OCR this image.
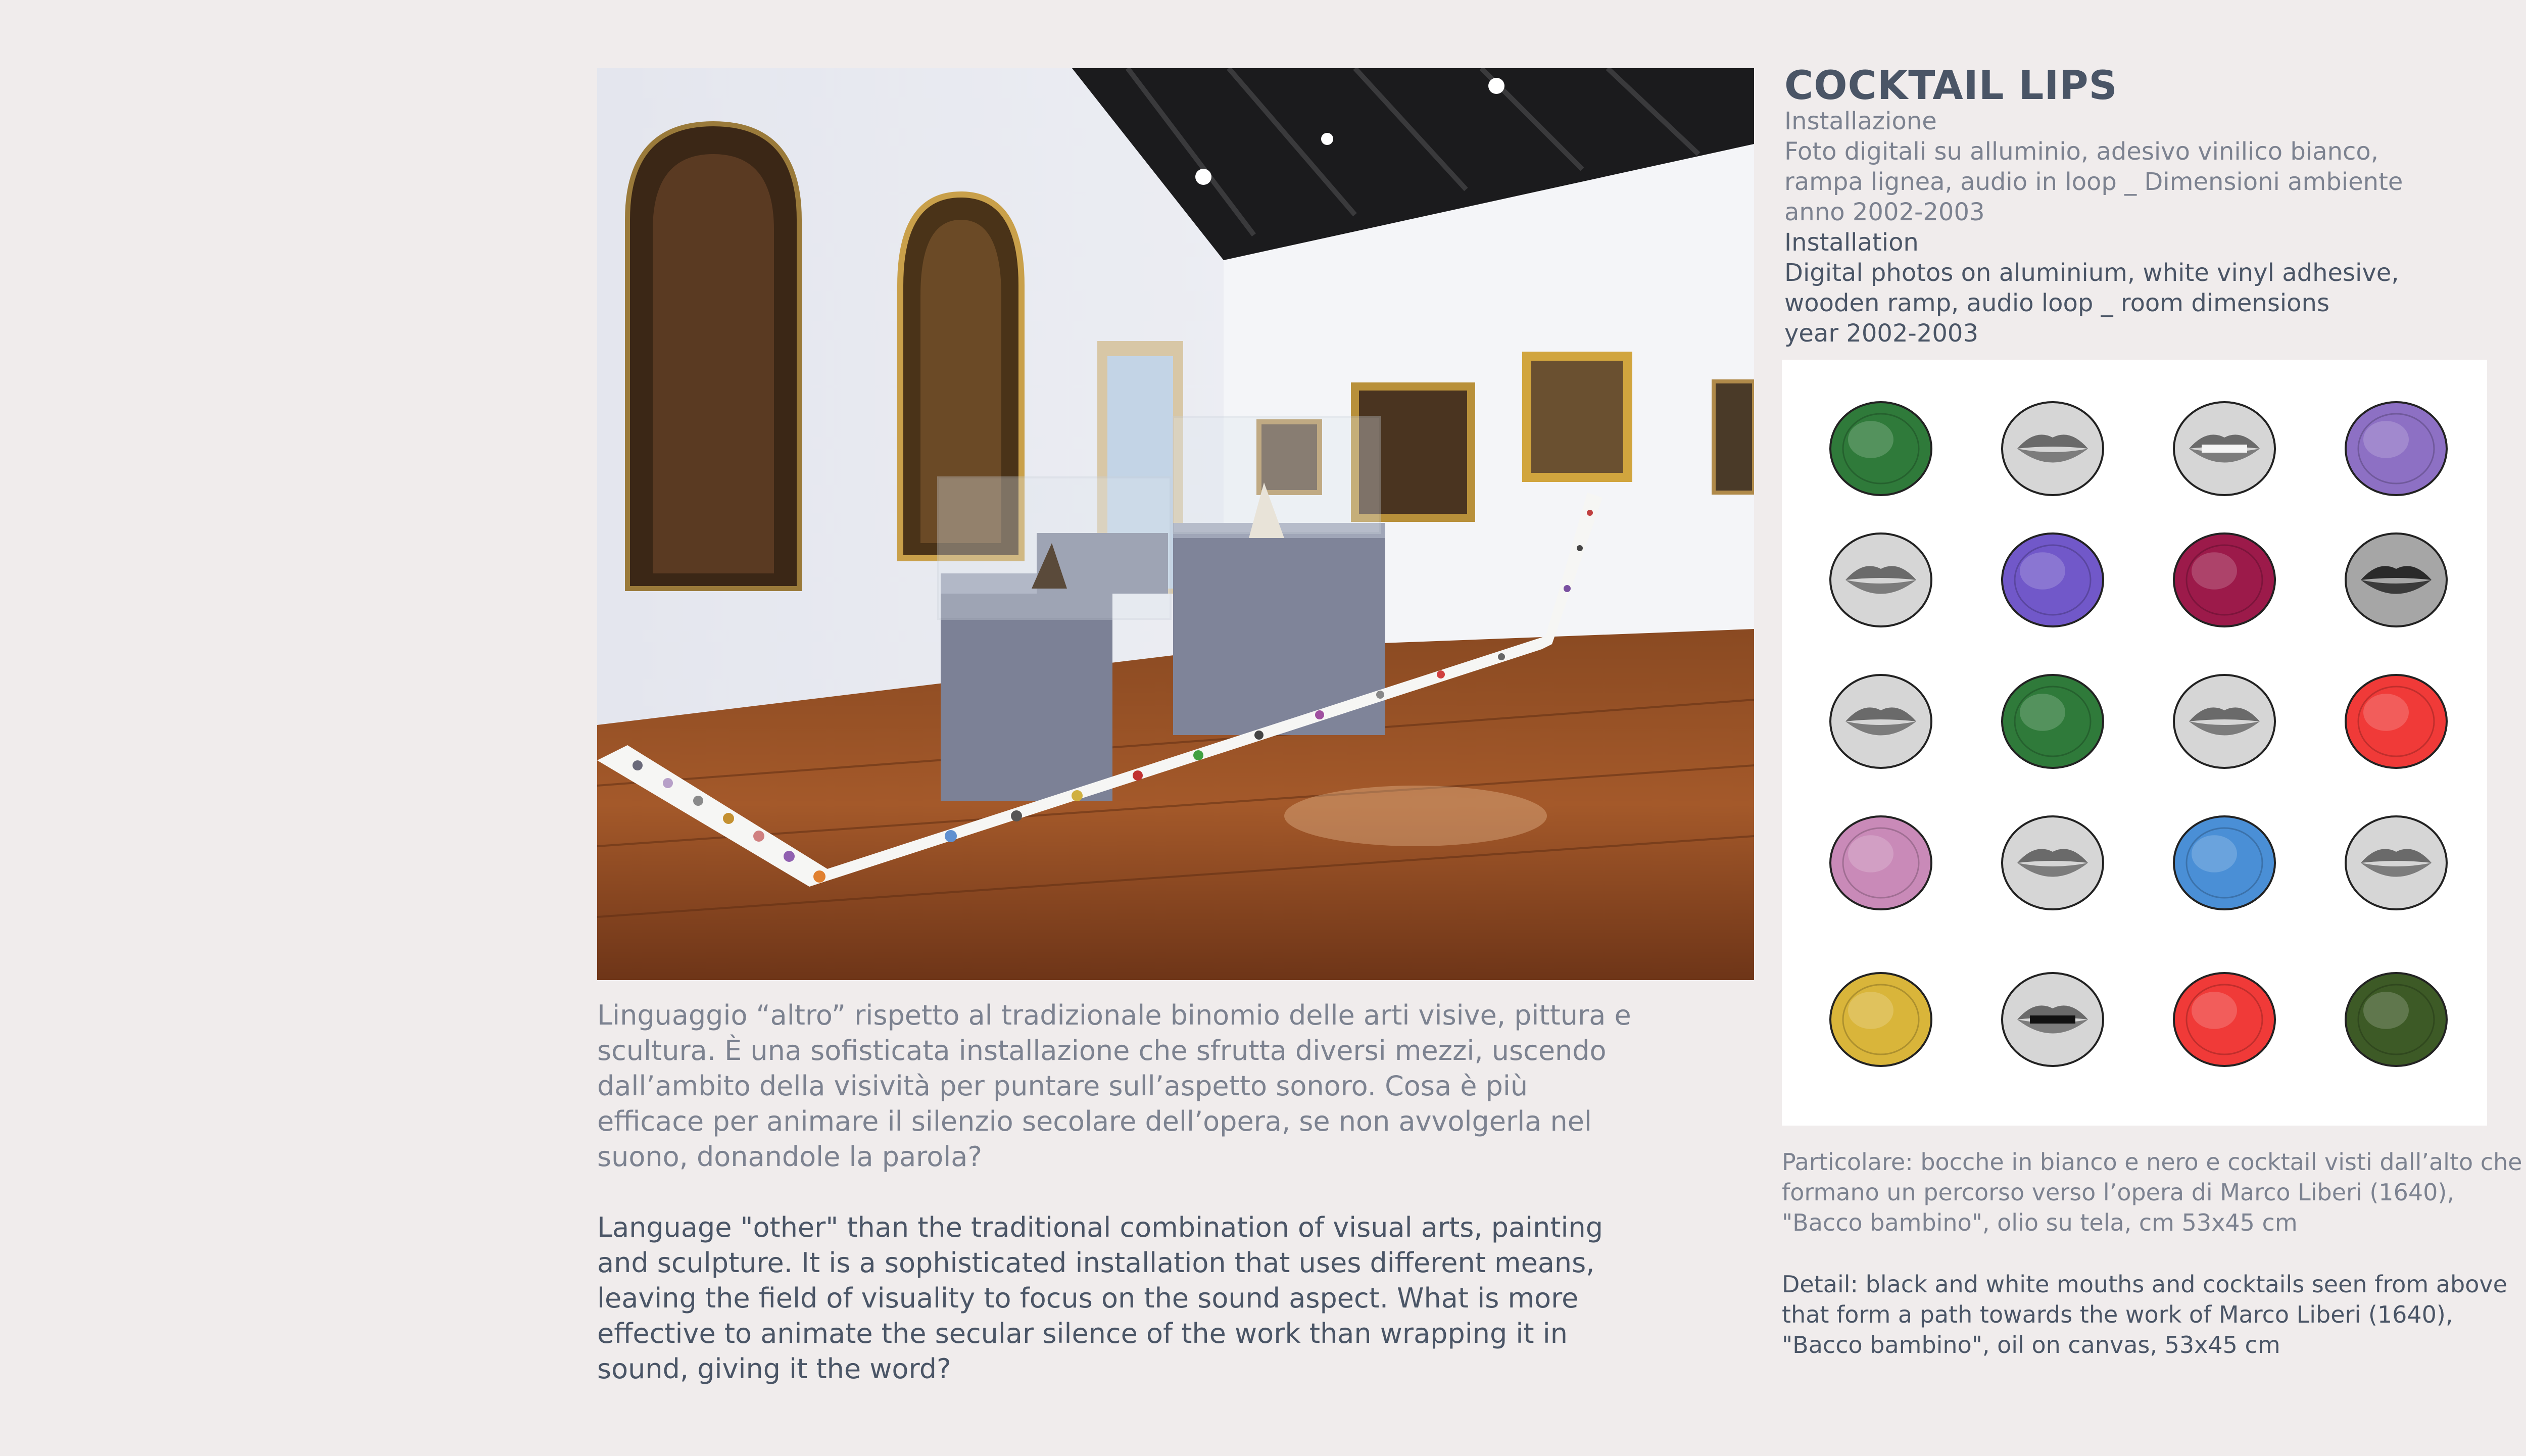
COCKTAIL LIPS
Installazione
Foto digitali su alluminio, adesivo vinilico bianco,
rampa lignea, audio in loop _ Dimensioni ambiente
anno 2002-2003
Installation
Digital photos on aluminium, white vinyl adhesive,
wooden ramp, audio loop _ room dimensions
year 2002-2003
Linguaggio “altro” rispetto al tradizionale binomio delle arti visive, pittura e
scultura. È una sofisticata installazione che sfrutta diversi mezzi, uscendo
dall’ambito della visività per puntare sull’aspetto sonoro. Cosa è più
efficace per animare il silenzio secolare dell’opera, se non avvolgerla nel
suono, donandole la parola?
Language "other" than the traditional combination of visual arts, painting
and sculpture. It is a sophisticated installation that uses different means,
leaving the field of visuality to focus on the sound aspect. What is more
effective to animate the secular silence of the work than wrapping it in
sound, giving it the word?
Particolare: bocche in bianco e nero e cocktail visti dall’alto che
formano un percorso verso l’opera di Marco Liberi (1640),
"Bacco bambino", olio su tela, cm 53x45 cm
Detail: black and white mouths and cocktails seen from above
that form a path towards the work of Marco Liberi (1640),
"Bacco bambino", oil on canvas, 53x45 cm
